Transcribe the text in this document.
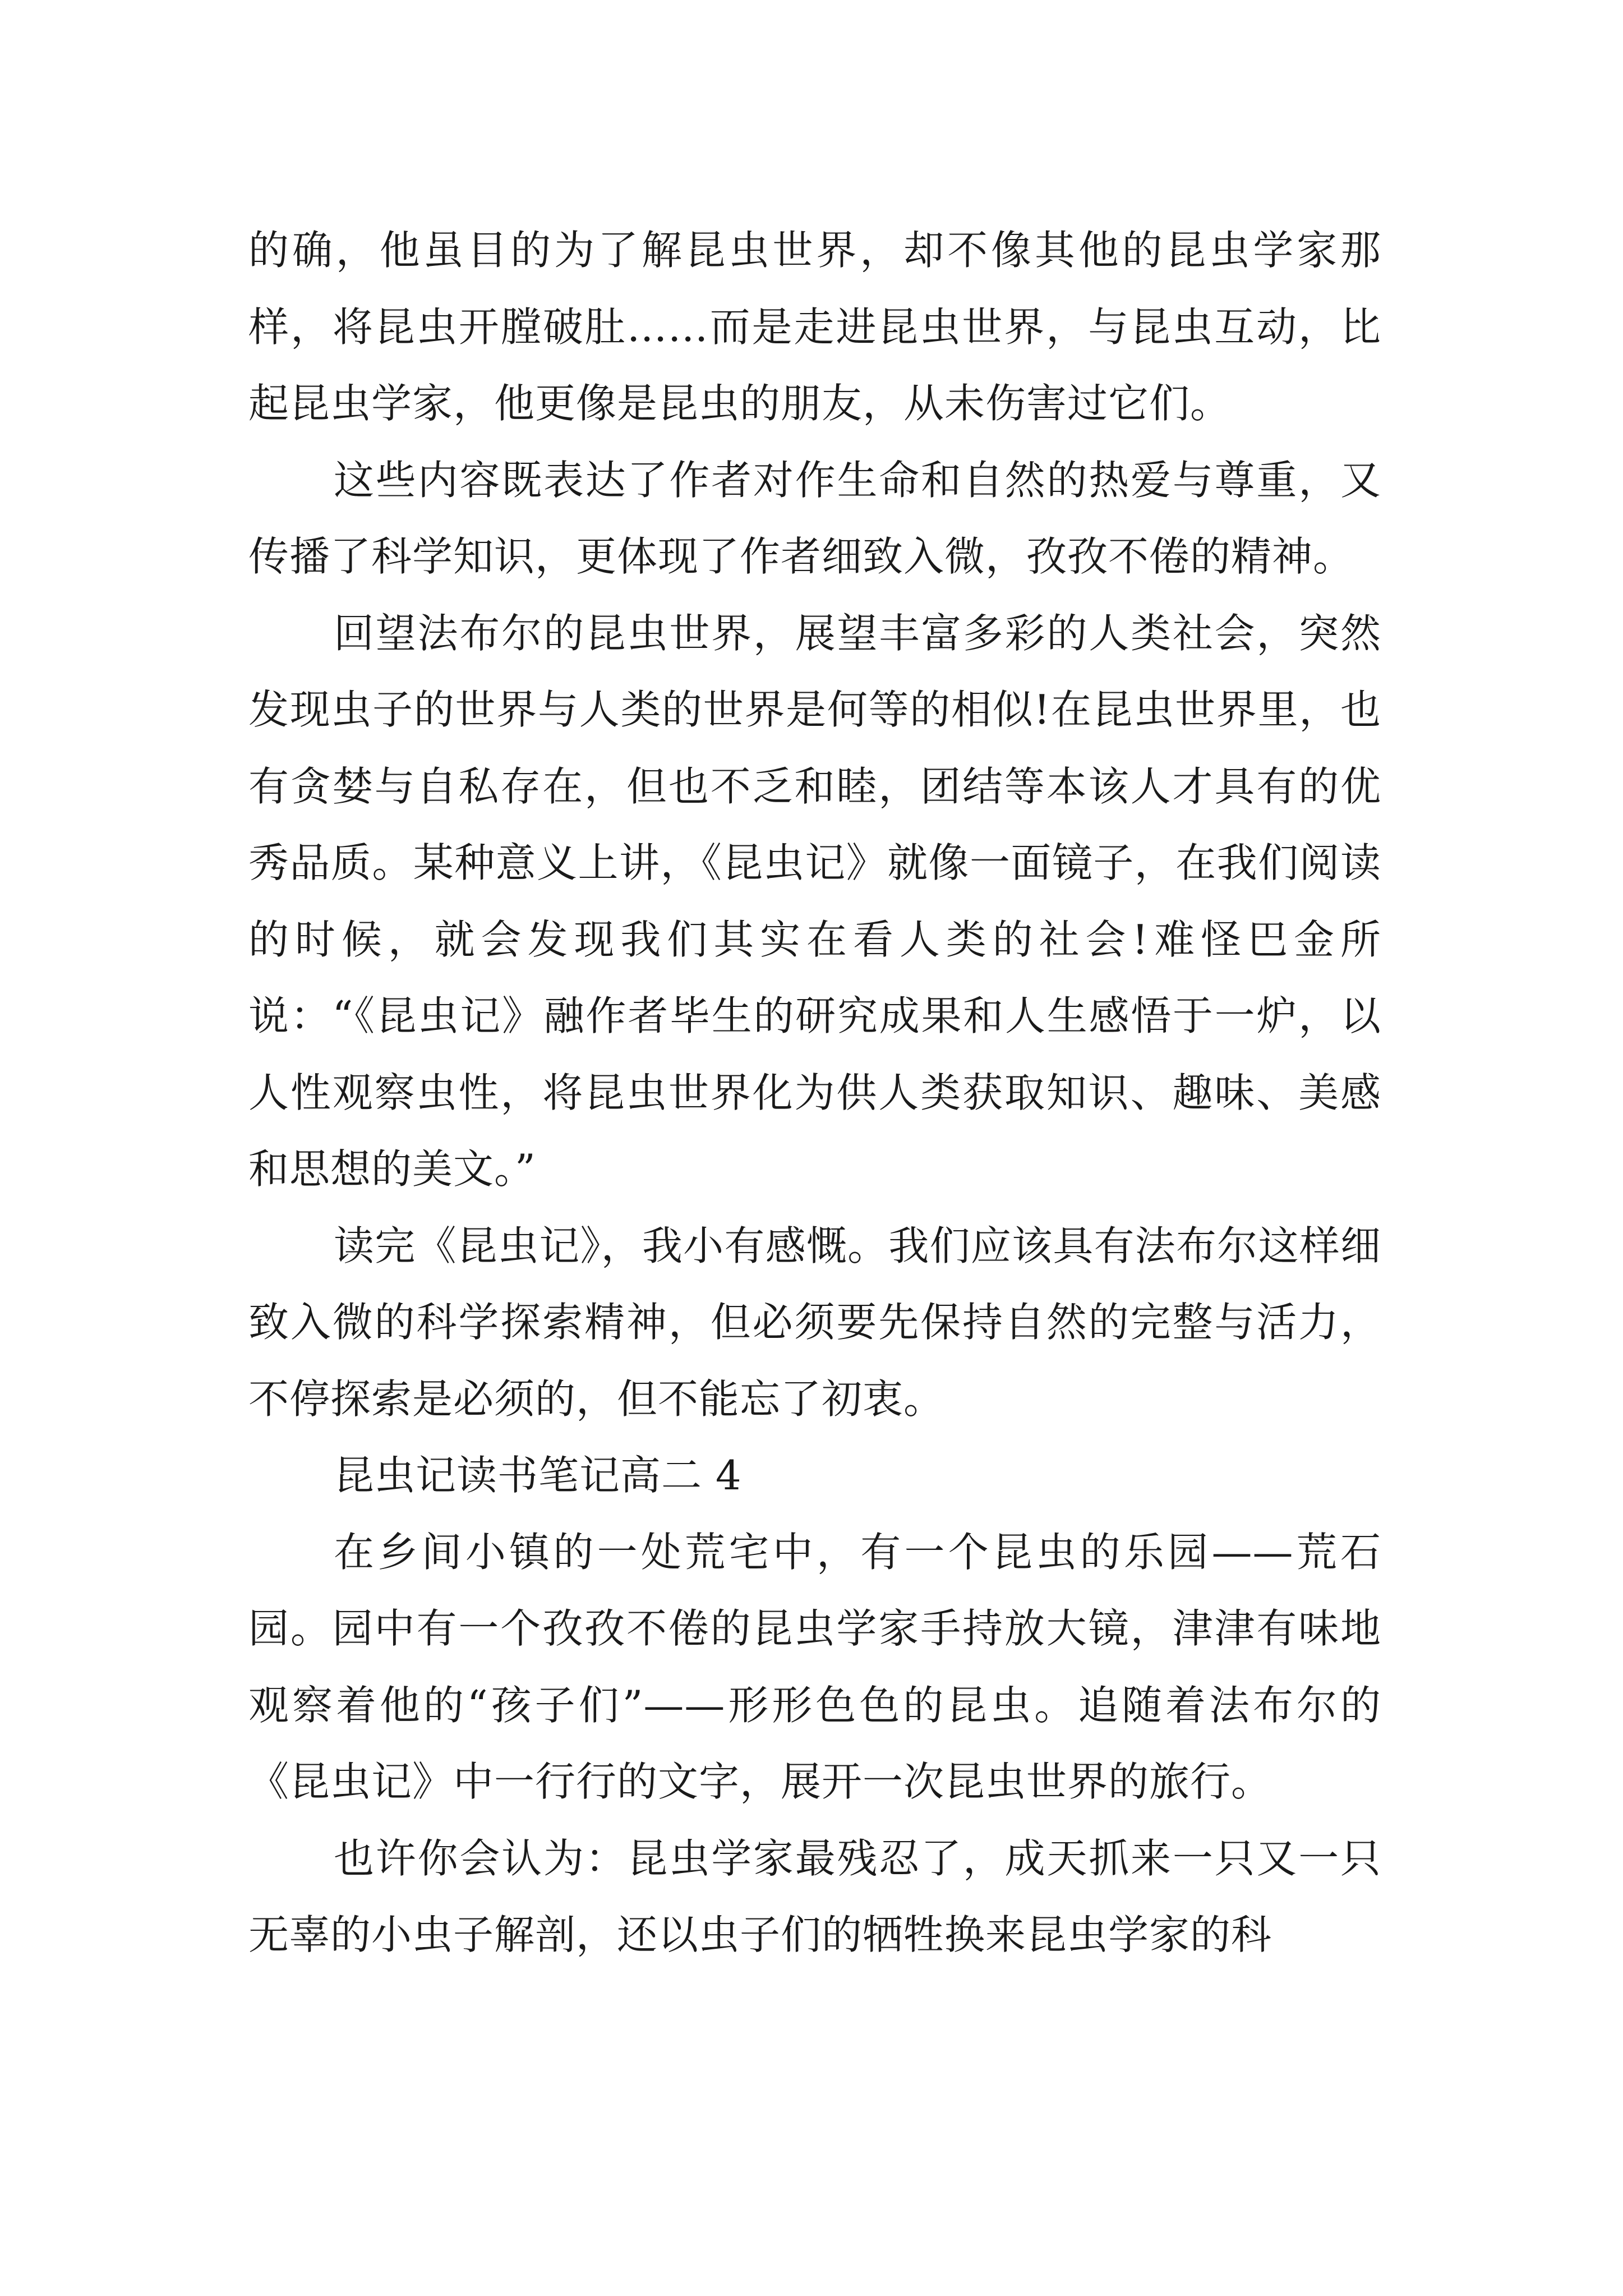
的确，他虽目的为了解昆虫世界，却不像其他的昆虫学家那样，将昆虫开膛破肚……而是走进昆虫世界，与昆虫互动，比起昆虫学家，他更像是昆虫的朋友，从未伤害过它们。

这些内容既表达了作者对作生命和自然的热爱与尊重，又传播了科学知识，更体现了作者细致入微，孜孜不倦的精神。

回望法布尔的昆虫世界，展望丰富多彩的人类社会，突然发现虫子的世界与人类的世界是何等的相似!在昆虫世界里，也有贪婪与自私存在，但也不乏和睦，团结等本该人才具有的优秀品质。某种意义上讲，《昆虫记》就像一面镜子，在我们阅读的时候，就会发现我们其实在看人类的社会!难怪巴金所说：“《昆虫记》融作者毕生的研究成果和人生感悟于一炉，以人性观察虫性，将昆虫世界化为供人类获取知识、趣味、美感和思想的美文。”

读完《昆虫记》，我小有感慨。我们应该具有法布尔这样细致入微的科学探索精神，但必须要先保持自然的完整与活力，不停探索是必须的，但不能忘了初衷。

昆虫记读书笔记高二 4

在乡间小镇的一处荒宅中，有一个昆虫的乐园——荒石园。园中有一个孜孜不倦的昆虫学家手持放大镜，津津有味地观察着他的“孩子们”——形形色色的昆虫。追随着法布尔的《昆虫记》中一行行的文字，展开一次昆虫世界的旅行。

也许你会认为：昆虫学家最残忍了，成天抓来一只又一只无辜的小虫子解剖，还以虫子们的牺牲换来昆虫学家的科
